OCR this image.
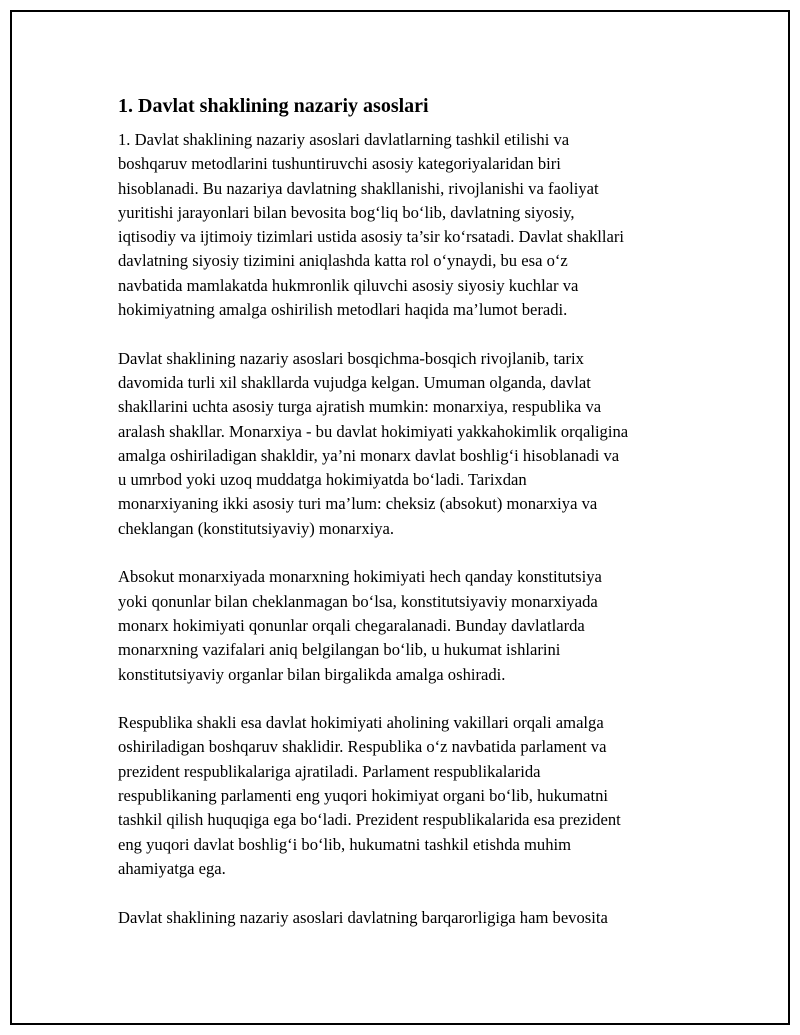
1. Davlat shaklining nazariy asoslari
1. Davlat shaklining nazariy asoslari davlatlarning tashkil etilishi va
boshqaruv metodlarini tushuntiruvchi asosiy kategoriyalaridan biri
hisoblanadi. Bu nazariya davlatning shakllanishi, rivojlanishi va faoliyat
yuritishi jarayonlari bilan bevosita bog‘liq bo‘lib, davlatning siyosiy,
iqtisodiy va ijtimoiy tizimlari ustida asosiy ta’sir ko‘rsatadi. Davlat shakllari
davlatning siyosiy tizimini aniqlashda katta rol o‘ynaydi, bu esa o‘z
navbatida mamlakatda hukmronlik qiluvchi asosiy siyosiy kuchlar va
hokimiyatning amalga oshirilish metodlari haqida ma’lumot beradi.
Davlat shaklining nazariy asoslari bosqichma-bosqich rivojlanib, tarix
davomida turli xil shakllarda vujudga kelgan. Umuman olganda, davlat
shakllarini uchta asosiy turga ajratish mumkin: monarxiya, respublika va
aralash shakllar. Monarxiya - bu davlat hokimiyati yakkahokimlik orqaligina
amalga oshiriladigan shakldir, ya’ni monarx davlat boshlig‘i hisoblanadi va
u umrbod yoki uzoq muddatga hokimiyatda bo‘ladi. Tarixdan
monarxiyaning ikki asosiy turi ma’lum: cheksiz (absokut) monarxiya va
cheklangan (konstitutsiyaviy) monarxiya.
Absokut monarxiyada monarxning hokimiyati hech qanday konstitutsiya
yoki qonunlar bilan cheklanmagan bo‘lsa, konstitutsiyaviy monarxiyada
monarx hokimiyati qonunlar orqali chegaralanadi. Bunday davlatlarda
monarxning vazifalari aniq belgilangan bo‘lib, u hukumat ishlarini
konstitutsiyaviy organlar bilan birgalikda amalga oshiradi.
Respublika shakli esa davlat hokimiyati aholining vakillari orqali amalga
oshiriladigan boshqaruv shaklidir. Respublika o‘z navbatida parlament va
prezident respublikalariga ajratiladi. Parlament respublikalarida
respublikaning parlamenti eng yuqori hokimiyat organi bo‘lib, hukumatni
tashkil qilish huquqiga ega bo‘ladi. Prezident respublikalarida esa prezident
eng yuqori davlat boshlig‘i bo‘lib, hukumatni tashkil etishda muhim
ahamiyatga ega.
Davlat shaklining nazariy asoslari davlatning barqarorligiga ham bevosita
